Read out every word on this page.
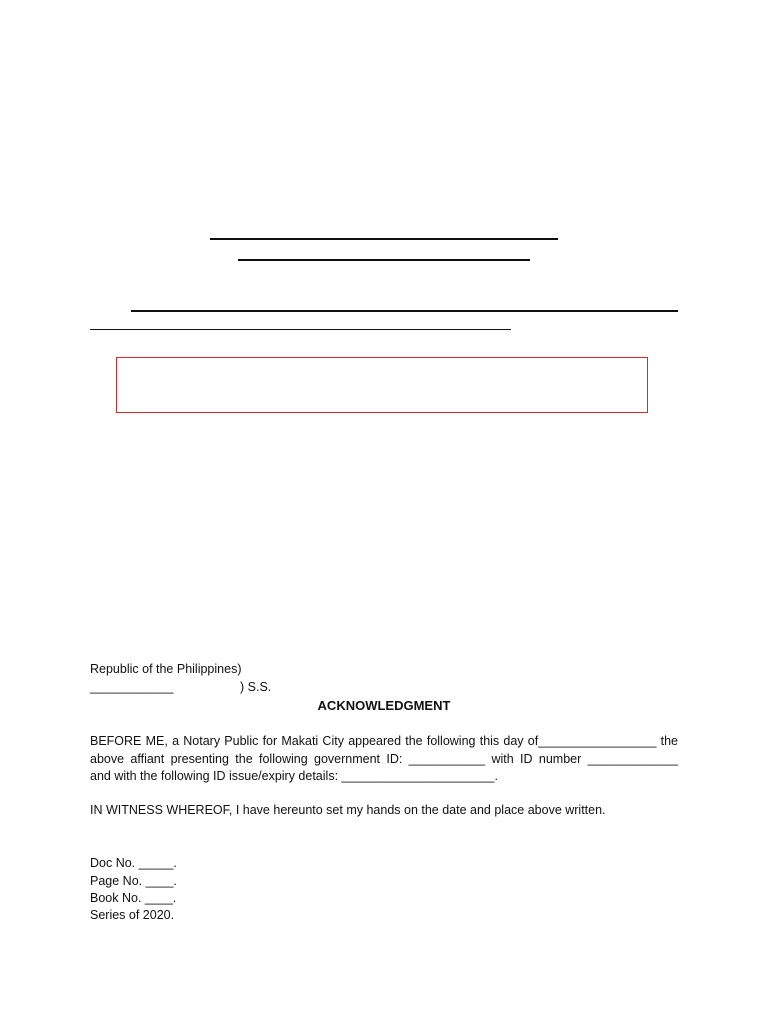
Republic of the Philippines)
____________	) S.S.
ACKNOWLEDGMENT
BEFORE ME, a Notary Public for Makati City appeared the following this day of_________________ the
above affiant presenting the following government ID: ___________ with ID number _____________
and with the following ID issue/expiry details: ______________________.
IN WITNESS WHEREOF, I have hereunto set my hands on the date and place above written.
Doc No. _____.
Page No. ____.
Book No. ____.
Series of 2020.
